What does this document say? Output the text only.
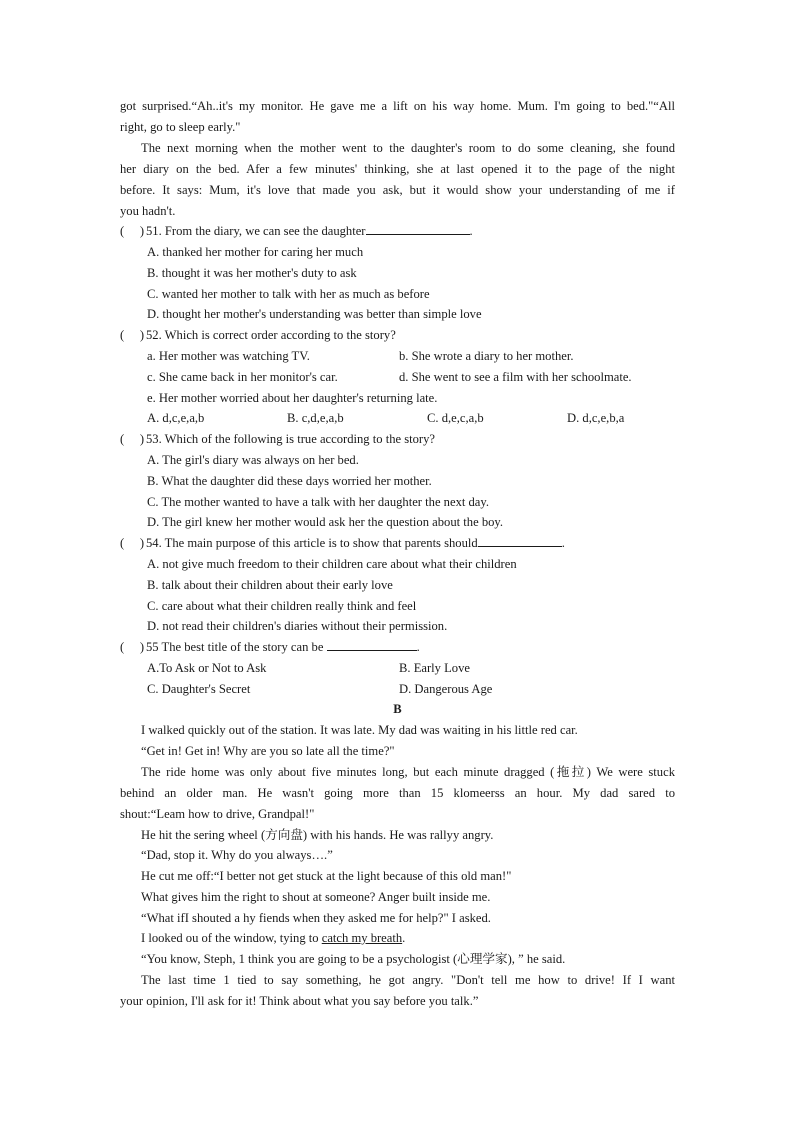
got surprised.“Ah..it's my monitor. He gave me a lift on his way home. Mum. I'm going to bed."“All
right, go to sleep early."
The next morning when the mother went to the daughter's room to do some cleaning, she found
her diary on the bed. Afer a few minutes' thinking, she at last opened it to the page of the night
before. It says: Mum, it's love that made you ask, but it would show your understanding of me if
you hadn't.
(　 ) 51. From the diary, we can see the daughter	.
A. thanked her mother for caring her much
B. thought it was her mother's duty to ask
C. wanted her mother to talk with her as much as before
D. thought her mother's understanding was better than simple love
(　 ) 52. Which is correct order according to the story?
a. Her mother was watching TV.	b. She wrote a diary to her mother.
c. She came back in her monitor's car.	d. She went to see a film with her schoolmate.
e. Her mother worried about her daughter's returning late.
A. d,c,e,a,b	B. c,d,e,a,b	C. d,e,c,a,b	D. d,c,e,b,a
(　 ) 53. Which of the following is true according to the story?
A. The girl's diary was always on her bed.
B. What the daughter did these days worried her mother.
C. The mother wanted to have a talk with her daughter the next day.
D. The girl knew her mother would ask her the question about the boy.
(　 ) 54. The main purpose of this article is to show that parents should	.
A. not give much freedom to their children care about what their children
B. talk about their children about their early love
C. care about what their children really think and feel
D. not read their children's diaries without their permission.
(　 ) 55 The best title of the story can be	.
A.To Ask or Not to Ask	B. Early Love
C. Daughter's Secret	D. Dangerous Age
B
I walked quickly out of the station. It was late. My dad was waiting in his little red car.
“Get in! Get in! Why are you so late all the time?"
The ride home was only about five minutes long, but each minute dragged (拖拉) We were stuck
behind an older man. He wasn't going more than 15 klomeerss an hour. My dad sared to
shout:“Leam how to drive, Grandpal!"
He hit the sering wheel (方向盘) with his hands. He was rallyy angry.
“Dad, stop it. Why do you always….”
He cut me off:“I better not get stuck at the light because of this old man!"
What gives him the right to shout at someone? Anger built inside me.
“What ifI shouted a hy fiends when they asked me for help?" I asked.
I looked ou of the window, tying to catch my breath.
“You know, Steph, 1 think you are going to be a psychologist (心理学家), ” he said.
The last time 1 tied to say something, he got angry. "Don't tell me how to drive! If I want
your opinion, I'll ask for it! Think about what you say before you talk.”
